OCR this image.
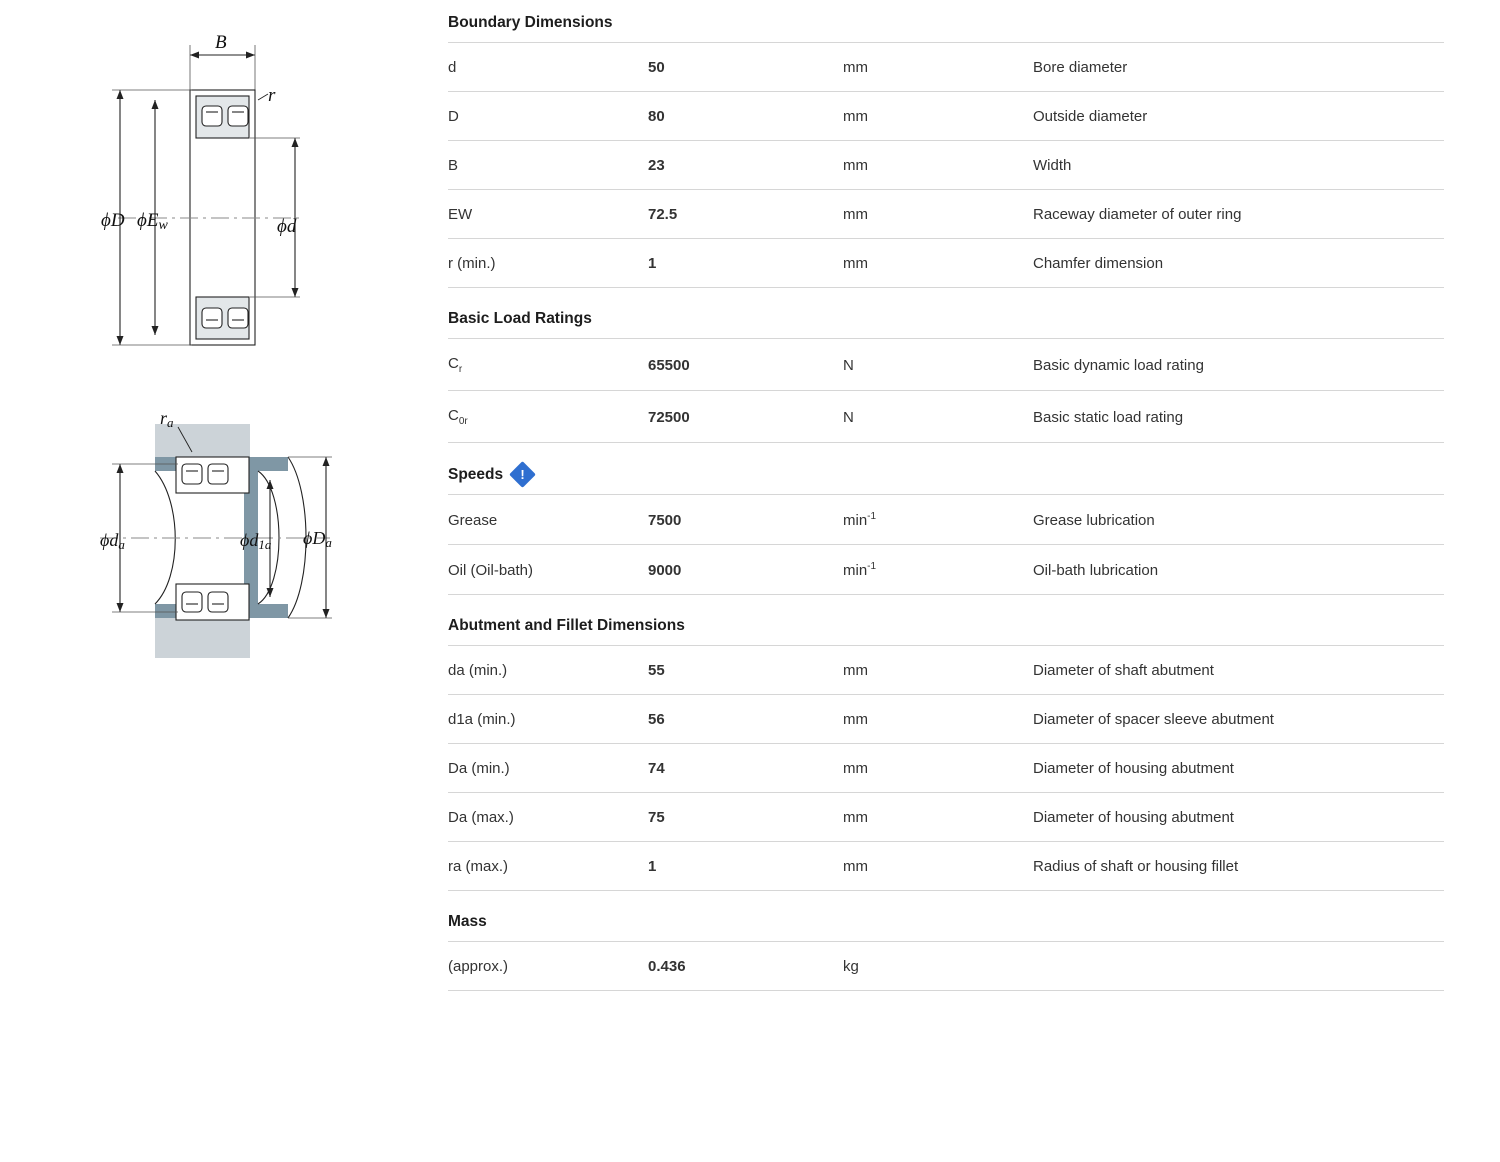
B
r
ϕD ϕEw	ϕd
ra
ϕda	ϕd1a ϕDa
Boundary Dimensions
d	50	mm	Bore diameter
D	80	mm	Outside diameter
B	23	mm	Width
EW	72.5	mm	Raceway diameter of outer ring
r (min.)	1	mm	Chamfer dimension
Basic Load Ratings
$C_r$	65500	N	Basic dynamic load rating
$C_{0r}$	72500	N	Basic static load rating
Speeds
!
Grease	7500	$\min^{-1}$	Grease lubrication
Oil (Oil-bath)	9000	$\min^{-1}$	Oil-bath lubrication
Abutment and Fillet Dimensions
da (min.)	55	mm	Diameter of shaft abutment
d1a (min.)	56	mm	Diameter of spacer sleeve abutment
Da (min.)	74	mm	Diameter of housing abutment
Da (max.)	75	mm	Diameter of housing abutment
ra (max.)	1	mm	Radius of shaft or housing fillet
Mass
(approx.)	0.436	kg	
